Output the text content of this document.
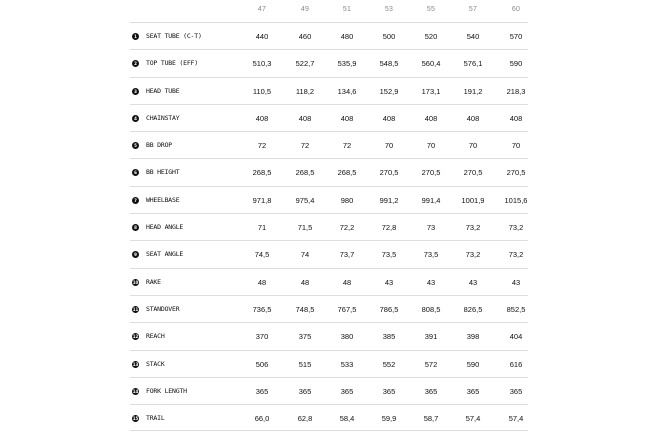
47	49	51	53	55	57	60
1	SEAT TUBE (C-T)	440	460	480	500	520	540	570
2	TOP TUBE (EFF)	510,3	522,7	535,9	548,5	560,4	576,1	590
3	HEAD TUBE	110,5	118,2	134,6	152,9	173,1	191,2	218,3
4	CHAINSTAY	408	408	408	408	408	408	408
5	BB DROP	72	72	72	70	70	70	70
6	BB HEIGHT	268,5	268,5	268,5	270,5	270,5	270,5	270,5
7	WHEELBASE	971,8	975,4	980	991,2	991,4	1001,9	1015,6
8	HEAD ANGLE	71	71,5	72,2	72,8	73	73,2	73,2
9	SEAT ANGLE	74,5	74	73,7	73,5	73,5	73,2	73,2
10 RAKE	48	48	48	43	43	43	43
11 STANDOVER	736,5	748,5	767,5	786,5	808,5	826,5	852,5
12 REACH	370	375	380	385	391	398	404
13 STACK	506	515	533	552	572	590	616
14 FORK LENGTH	365	365	365	365	365	365	365
15 TRAIL	66,0	62,8	58,4	59,9	58,7	57,4	57,4
